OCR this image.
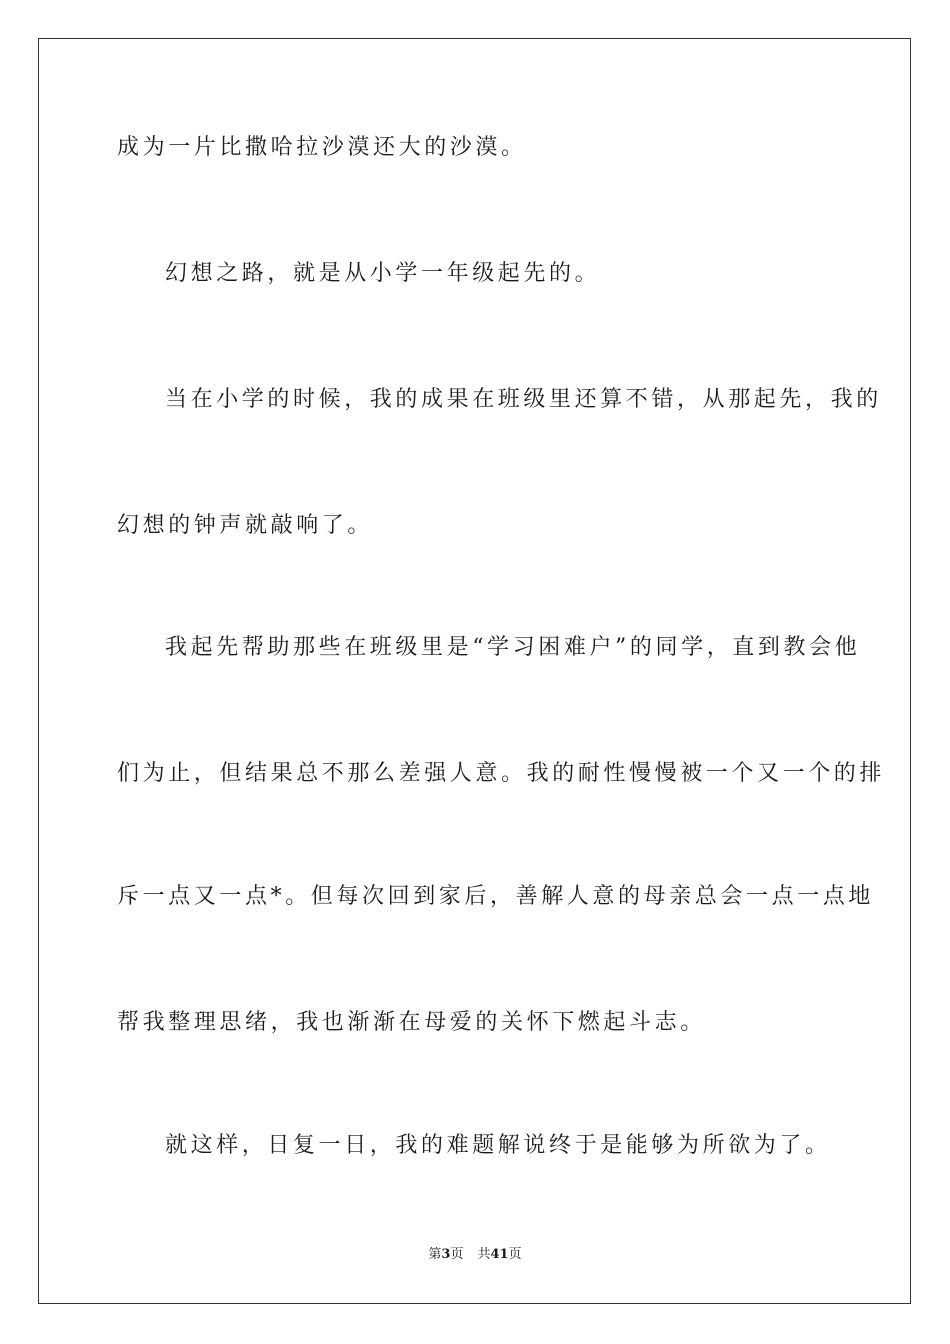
成为一片比撒哈拉沙漠还大的沙漠。
幻想之路，就是从小学一年级起先的。
当在小学的时候，我的成果在班级里还算不错，从那起先，我的
幻想的钟声就敲响了。
我起先帮助那些在班级里是“学习困难户”的同学，直到教会他
们为止，但结果总不那么差强人意。我的耐性慢慢被一个又一个的排
斥一点又一点*。但每次回到家后，善解人意的母亲总会一点一点地
帮我整理思绪，我也渐渐在母爱的关怀下燃起斗志。
就这样，日复一日，我的难题解说终于是能够为所欲为了。
第3页 共41页
